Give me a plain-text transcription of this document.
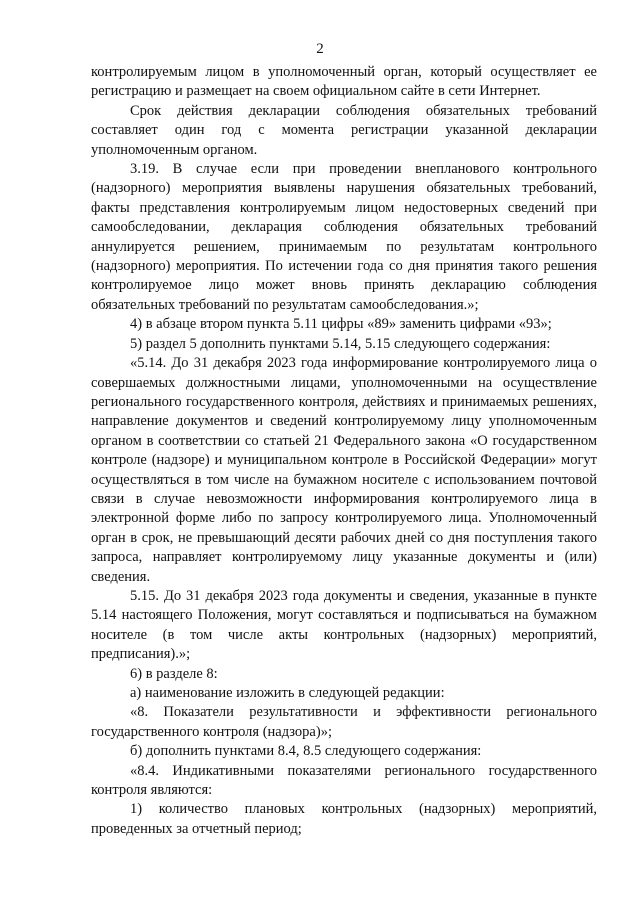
2

контролируемым лицом в уполномоченный орган, который осуществляет ее регистрацию и размещает на своем официальном сайте в сети Интернет.

Срок действия декларации соблюдения обязательных требований составляет один год с момента регистрации указанной декларации уполномоченным органом.

3.19. В случае если при проведении внепланового контрольного (надзорного) мероприятия выявлены нарушения обязательных требований, факты представления контролируемым лицом недостоверных сведений при самообследовании, декларация соблюдения обязательных требований аннулируется решением, принимаемым по результатам контрольного (надзорного) мероприятия. По истечении года со дня принятия такого решения контролируемое лицо может вновь принять декларацию соблюдения обязательных требований по результатам самообследования.»;

4) в абзаце втором пункта 5.11 цифры «89» заменить цифрами «93»;

5) раздел 5 дополнить пунктами 5.14, 5.15 следующего содержания:

«5.14. До 31 декабря 2023 года информирование контролируемого лица о совершаемых должностными лицами, уполномоченными на осуществление регионального государственного контроля, действиях и принимаемых решениях, направление документов и сведений контролируемому лицу уполномоченным органом в соответствии со статьей 21 Федерального закона «О государственном контроле (надзоре) и муниципальном контроле в Российской Федерации» могут осуществляться в том числе на бумажном носителе с использованием почтовой связи в случае невозможности информирования контролируемого лица в электронной форме либо по запросу контролируемого лица. Уполномоченный орган в срок, не превышающий десяти рабочих дней со дня поступления такого запроса, направляет контролируемому лицу указанные документы и (или) сведения.

5.15. До 31 декабря 2023 года документы и сведения, указанные в пункте 5.14 настоящего Положения, могут составляться и подписываться на бумажном носителе (в том числе акты контрольных (надзорных) мероприятий, предписания).»;

6) в разделе 8:

а) наименование изложить в следующей редакции:

«8. Показатели результативности и эффективности регионального государственного контроля (надзора)»;

б) дополнить пунктами 8.4, 8.5 следующего содержания:

«8.4. Индикативными показателями регионального государственного контроля являются:

1) количество плановых контрольных (надзорных) мероприятий, проведенных за отчетный период;
